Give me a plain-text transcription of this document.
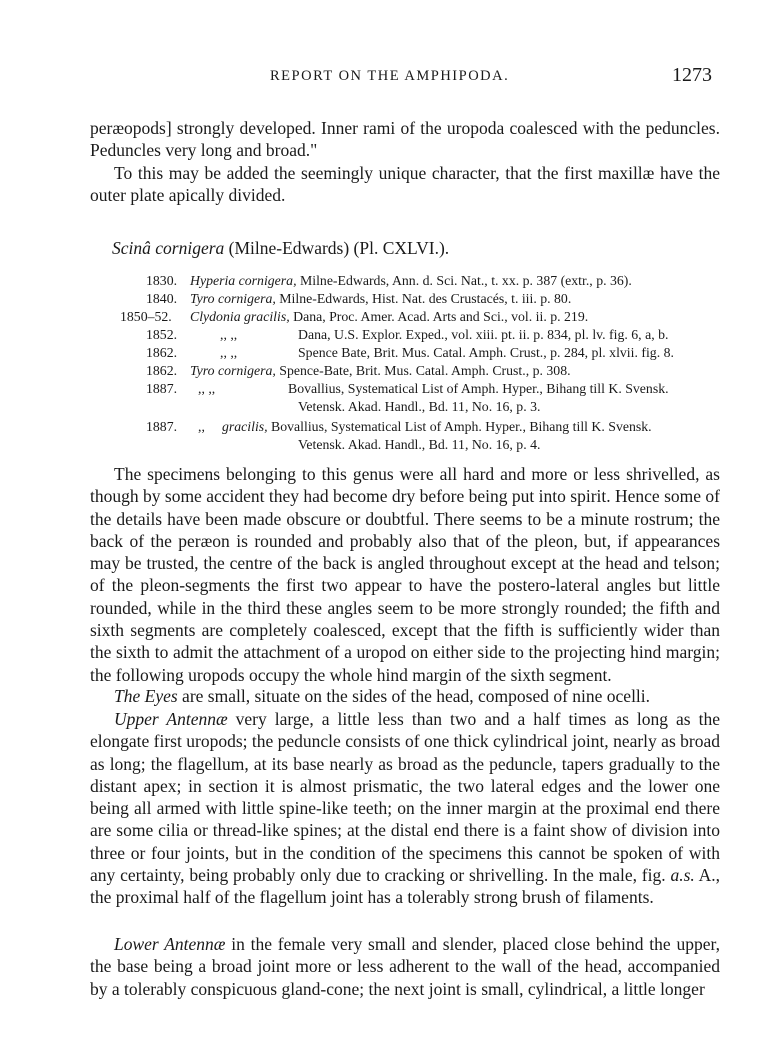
REPORT ON THE AMPHIPODA.	1273

peræopods] strongly developed. Inner rami of the uropoda coalesced with the peduncles. Peduncles very long and broad."

To this may be added the seemingly unique character, that the first maxillæ have the outer plate apically divided.

Scinâ cornigera (Milne-Edwards) (Pl. CXLVI.).

1830. Hyperia cornigera, Milne-Edwards, Ann. d. Sci. Nat., t. xx. p. 387 (extr., p. 36).
1840. Tyro cornigera, Milne-Edwards, Hist. Nat. des Crustacés, t. iii. p. 80.
1850–52. Clydonia gracilis, Dana, Proc. Amer. Acad. Arts and Sci., vol. ii. p. 219.
1852.	,, ,,	Dana, U.S. Explor. Exped., vol. xiii. pt. ii. p. 834, pl. lv. fig. 6, a, b.
1862.	,, ,,	Spence Bate, Brit. Mus. Catal. Amph. Crust., p. 284, pl. xlvii. fig. 8.
1862. Tyro cornigera, Spence-Bate, Brit. Mus. Catal. Amph. Crust., p. 308.
1887. ,, ,,	Bovallius, Systematical List of Amph. Hyper., Bihang till K. Svensk.
Vetensk. Akad. Handl., Bd. 11, No. 16, p. 3.
1887. ,, gracilis, Bovallius, Systematical List of Amph. Hyper., Bihang till K. Svensk.
Vetensk. Akad. Handl., Bd. 11, No. 16, p. 4.

The specimens belonging to this genus were all hard and more or less shrivelled, as though by some accident they had become dry before being put into spirit. Hence some of the details have been made obscure or doubtful. There seems to be a minute rostrum; the back of the peræon is rounded and probably also that of the pleon, but, if appearances may be trusted, the centre of the back is angled throughout except at the head and telson; of the pleon-segments the first two appear to have the postero-lateral angles but little rounded, while in the third these angles seem to be more strongly rounded; the fifth and sixth segments are completely coalesced, except that the fifth is sufficiently wider than the sixth to admit the attachment of a uropod on either side to the projecting hind margin; the following uropods occupy the whole hind margin of the sixth segment.

The Eyes are small, situate on the sides of the head, composed of nine ocelli.

Upper Antennæ very large, a little less than two and a half times as long as the elongate first uropods; the peduncle consists of one thick cylindrical joint, nearly as broad as long; the flagellum, at its base nearly as broad as the peduncle, tapers gradually to the distant apex; in section it is almost prismatic, the two lateral edges and the lower one being all armed with little spine-like teeth; on the inner margin at the proximal end there are some cilia or thread-like spines; at the distal end there is a faint show of division into three or four joints, but in the condition of the specimens this cannot be spoken of with any certainty, being probably only due to cracking or shrivelling. In the male, fig. a.s. A., the proximal half of the flagellum joint has a tolerably strong brush of filaments.

Lower Antennæ in the female very small and slender, placed close behind the upper, the base being a broad joint more or less adherent to the wall of the head, accompanied by a tolerably conspicuous gland-cone; the next joint is small, cylindrical, a little longer
